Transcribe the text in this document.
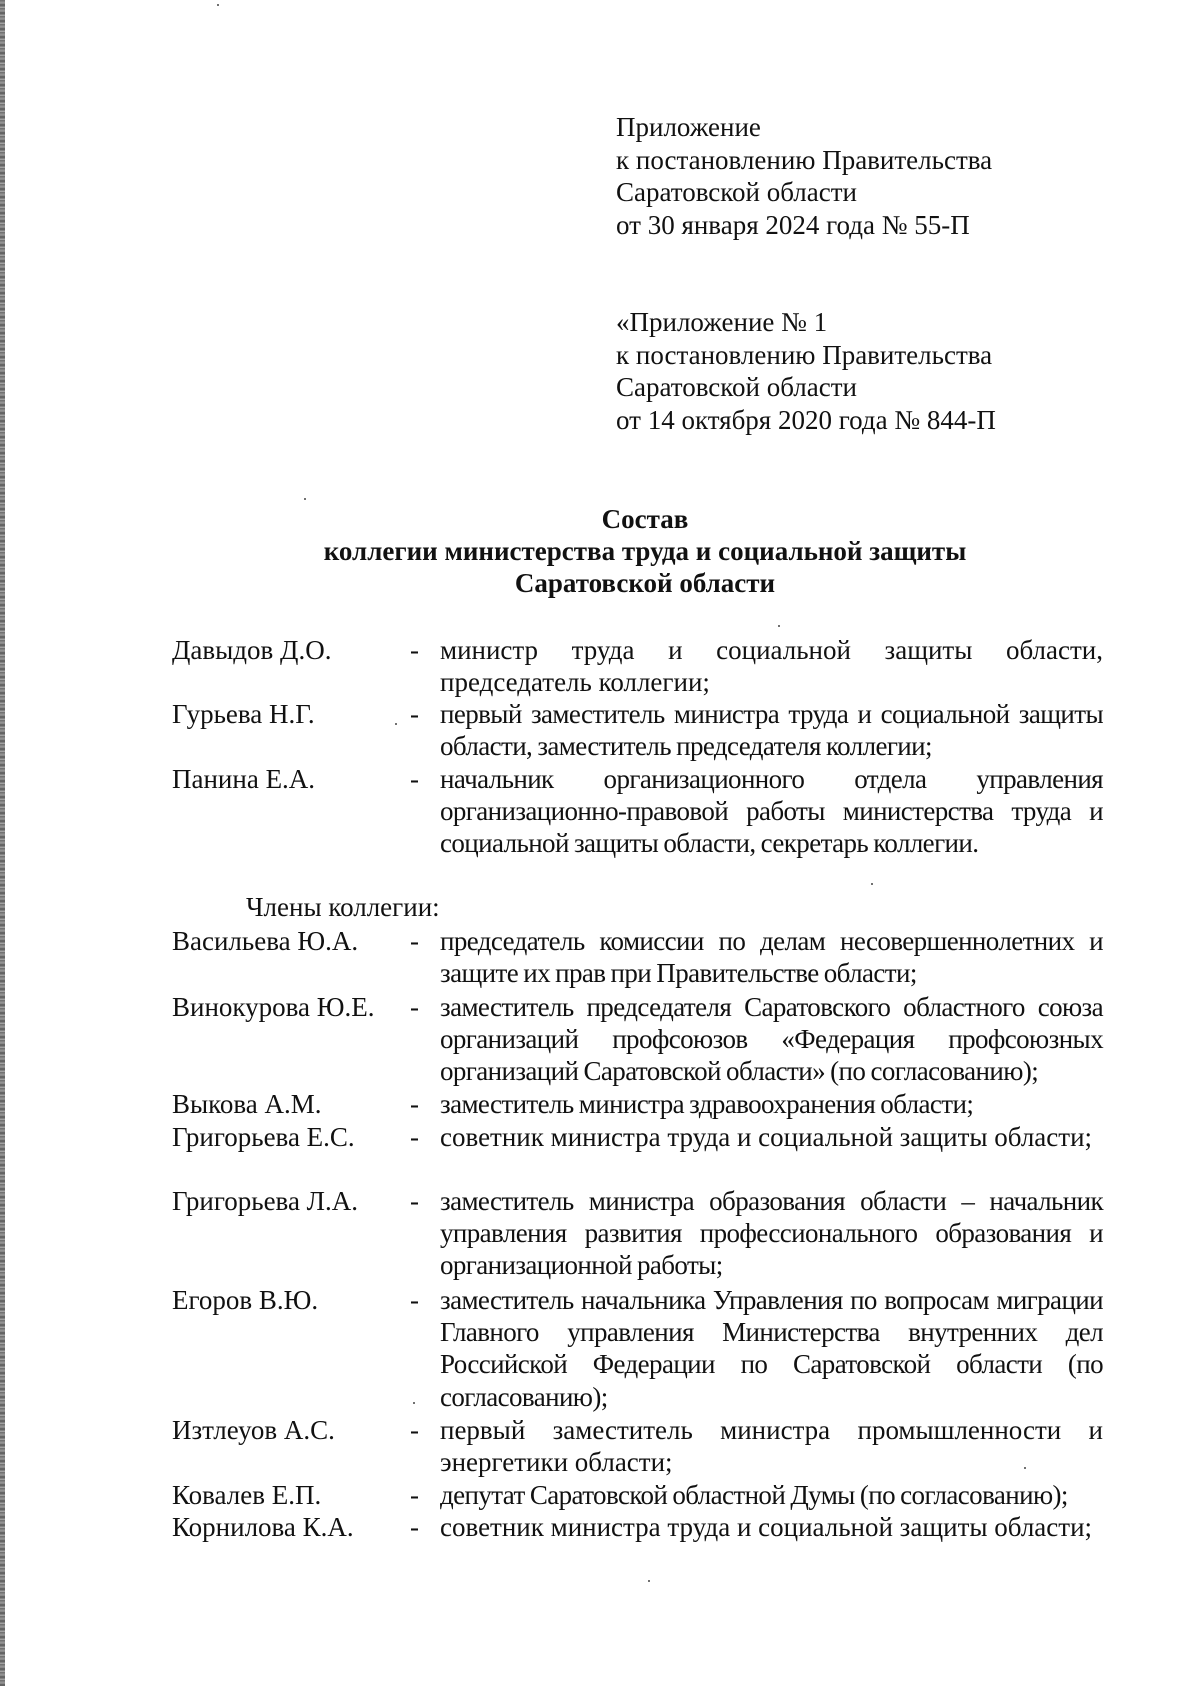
Приложение
к постановлению Правительства
Саратовской области
от 30 января 2024 года № 55-П
«Приложение № 1
к постановлению Правительства
Саратовской области
от 14 октября 2020 года № 844-П
Состав
коллегии министерства труда и социальной защиты
Саратовской области
Давыдов Д.О.	- министр труда и социальной защиты области, председатель коллегии;
Гурьева Н.Г.	- первый заместитель министра труда и социальной защиты области, заместитель председателя коллегии;
Панина Е.А.	- начальник организационного отдела управления организационно-правовой работы министерства труда и социальной защиты области, секретарь коллегии.
Члены коллегии:
Васильева Ю.А. - председатель комиссии по делам несовершеннолетних и защите их прав при Правительстве области;
Винокурова Ю.Е. - заместитель председателя Саратовского областного союза организаций профсоюзов «Федерация профсоюзных организаций Саратовской области» (по согласованию);
Выкова А.М.	- заместитель министра здравоохранения области;
Григорьева Е.С. - советник министра труда и социальной защиты области;
Григорьева Л.А. - заместитель министра образования области – начальник управления развития профессионального образования и организационной работы;
Егоров В.Ю.	- заместитель начальника Управления по вопросам миграции Главного управления Министерства внутренних дел Российской Федерации по Саратовской области (по согласованию);
Изтлеуов А.С.	- первый заместитель министра промышленности и энергетики области;
Ковалев Е.П.	- депутат Саратовской областной Думы (по согласованию);
Корнилова К.А. - советник министра труда и социальной защиты области;
